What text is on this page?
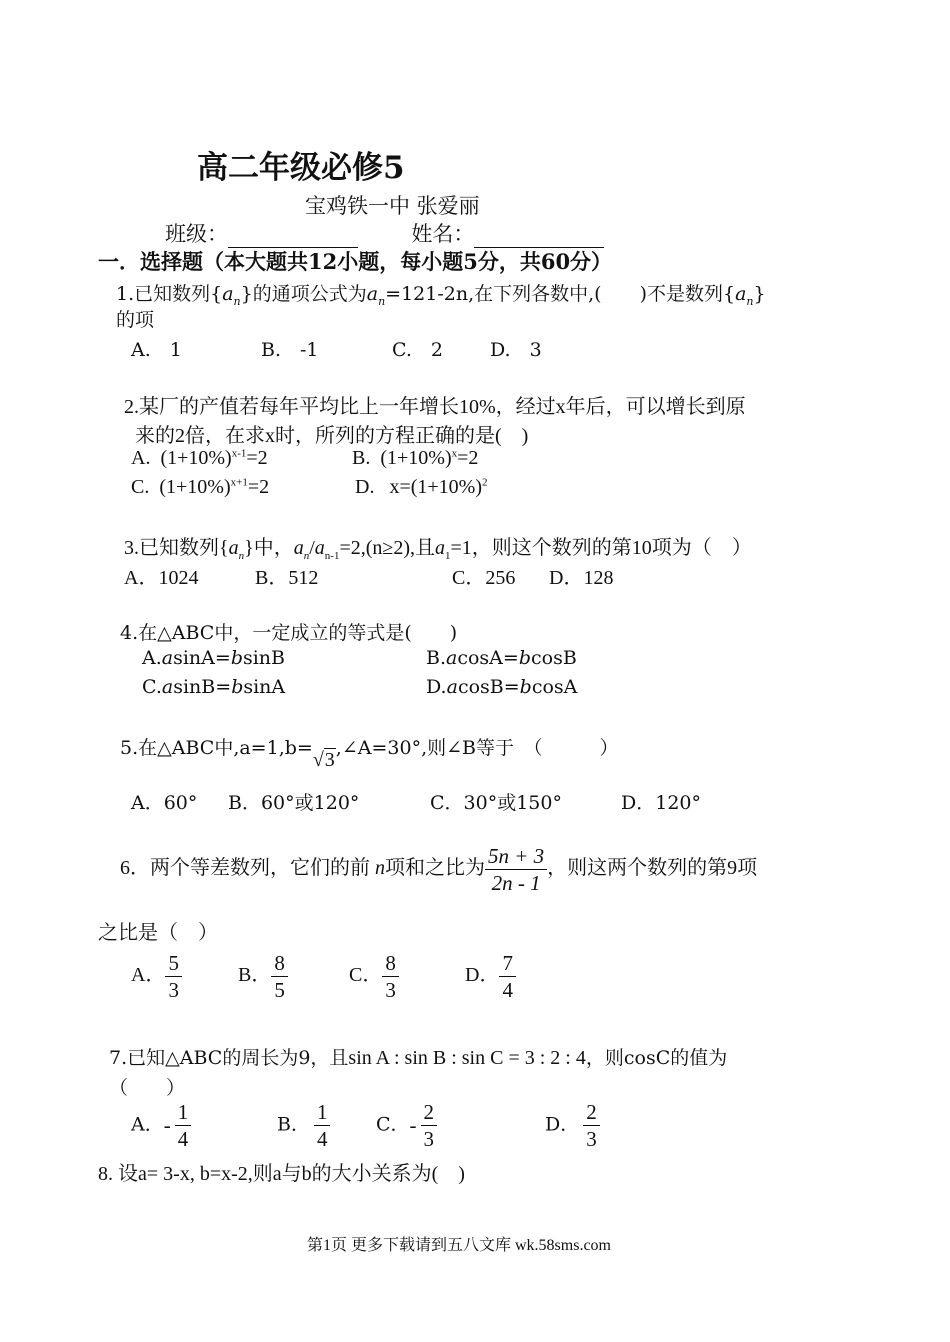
高二年级必修5
宝鸡铁一中 张爱丽
班级：	姓名：
一．选择题（本大题共12小题，每小题5分，共60分）
1.已知数列$\{a_n\}$的通项公式为$a_n=121-2n$,在下列各数中,(　　)不是数列$\{a_n\}$
的项
A.　1	B.　-1	C.　2 D.　3
2.某厂的产值若每年平均比上一年增长10%，经过x年后，可以增长到原
来的2倍，在求x时，所列的方程正确的是(　)
A. $(1+10\%)^{x-1}=2$	B. $(1+10\%)^x=2$
C. $(1+10\%)^{x+1}=2$	D. $x=(1+10\%)^2$
3.已知数列$\{a_n\}$中，$a_n/a_{n-1}=2,(n\ge 2)$,且$a_1=1$，则这个数列的第10项为（　）
A．1024	B．512	C．256 D．128
4.在△ABC中，一定成立的等式是(　　)
A.asinA=bsinB	B.acosA=bcosB
C.asinB=bsinA	D.acosB=bcosA
5.在△ABC中,a=1,b=√3,∠A=30°,则∠B等于　（　　　）
A．60° B．60°或120°	C．30°或150°	D．120°
6．两个等差数列，它们的前 n项和之比为 $\frac{5n + 3}{2n - 1}$ ，则这两个数列的第9项
之比是（　）
A． $\frac{5}{3}$	B． $\frac{8}{5}$	C． $\frac{8}{3}$	D． $\frac{7}{4}$
7.已知△ABC的周长为9，且sin A : sin B : sin C = 3 : 2 : 4，则cosC的值为
（　　）
A．- $\frac{1}{4}$	B． $\frac{1}{4}$ C．- $\frac{2}{3}$	D． $\frac{2}{3}$
8. 设a= 3-x, b=x-2,则a与b的大小关系为(　)
第1页 更多下载请到五八文库 wk.58sms.com
